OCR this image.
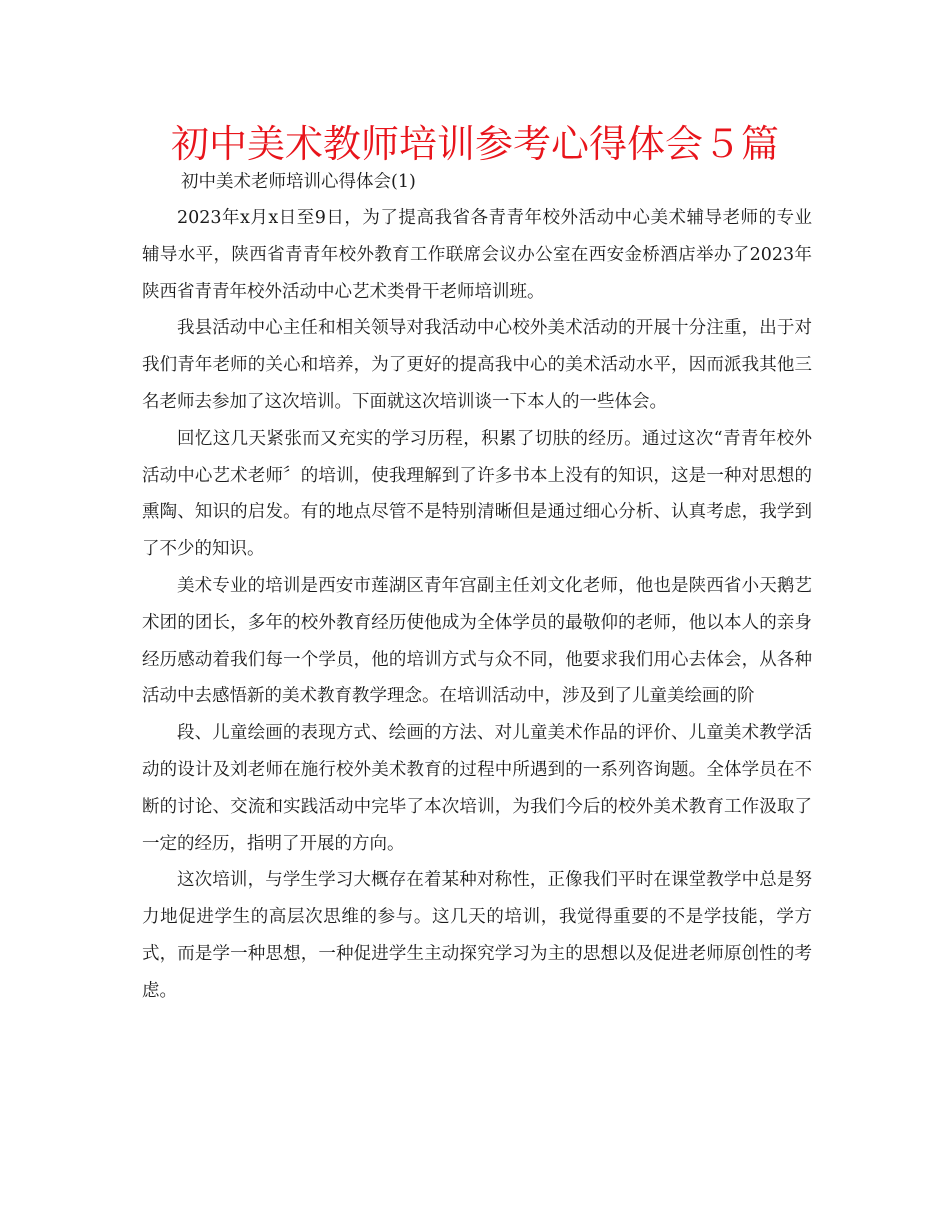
初中美术教师培训参考心得体会５篇

初中美术老师培训心得体会(1)

2023年x月x日至9日，为了提高我省各青青年校外活动中心美术辅导老师的专业辅导水平，陕西省青青年校外教育工作联席会议办公室在西安金桥酒店举办了2023年陕西省青青年校外活动中心艺术类骨干老师培训班。

我县活动中心主任和相关领导对我活动中心校外美术活动的开展十分注重，出于对我们青年老师的关心和培养，为了更好的提高我中心的美术活动水平，因而派我其他三名老师去参加了这次培训。下面就这次培训谈一下本人的一些体会。

回忆这几天紧张而又充实的学习历程，积累了切肤的经历。通过这次“青青年校外活动中心艺术老师〞的培训，使我理解到了许多书本上没有的知识，这是一种对思想的熏陶、知识的启发。有的地点尽管不是特别清晰但是通过细心分析、认真考虑，我学到了不少的知识。

美术专业的培训是西安市莲湖区青年宫副主任刘文化老师，他也是陕西省小天鹅艺术团的团长，多年的校外教育经历使他成为全体学员的最敬仰的老师，他以本人的亲身经历感动着我们每一个学员，他的培训方式与众不同，他要求我们用心去体会，从各种活动中去感悟新的美术教育教学理念。在培训活动中，涉及到了儿童美绘画的阶

段、儿童绘画的表现方式、绘画的方法、对儿童美术作品的评价、儿童美术教学活动的设计及刘老师在施行校外美术教育的过程中所遇到的一系列咨询题。全体学员在不断的讨论、交流和实践活动中完毕了本次培训，为我们今后的校外美术教育工作汲取了一定的经历，指明了开展的方向。

这次培训，与学生学习大概存在着某种对称性，正像我们平时在课堂教学中总是努力地促进学生的高层次思维的参与。这几天的培训，我觉得重要的不是学技能，学方式，而是学一种思想，一种促进学生主动探究学习为主的思想以及促进老师原创性的考虑。
